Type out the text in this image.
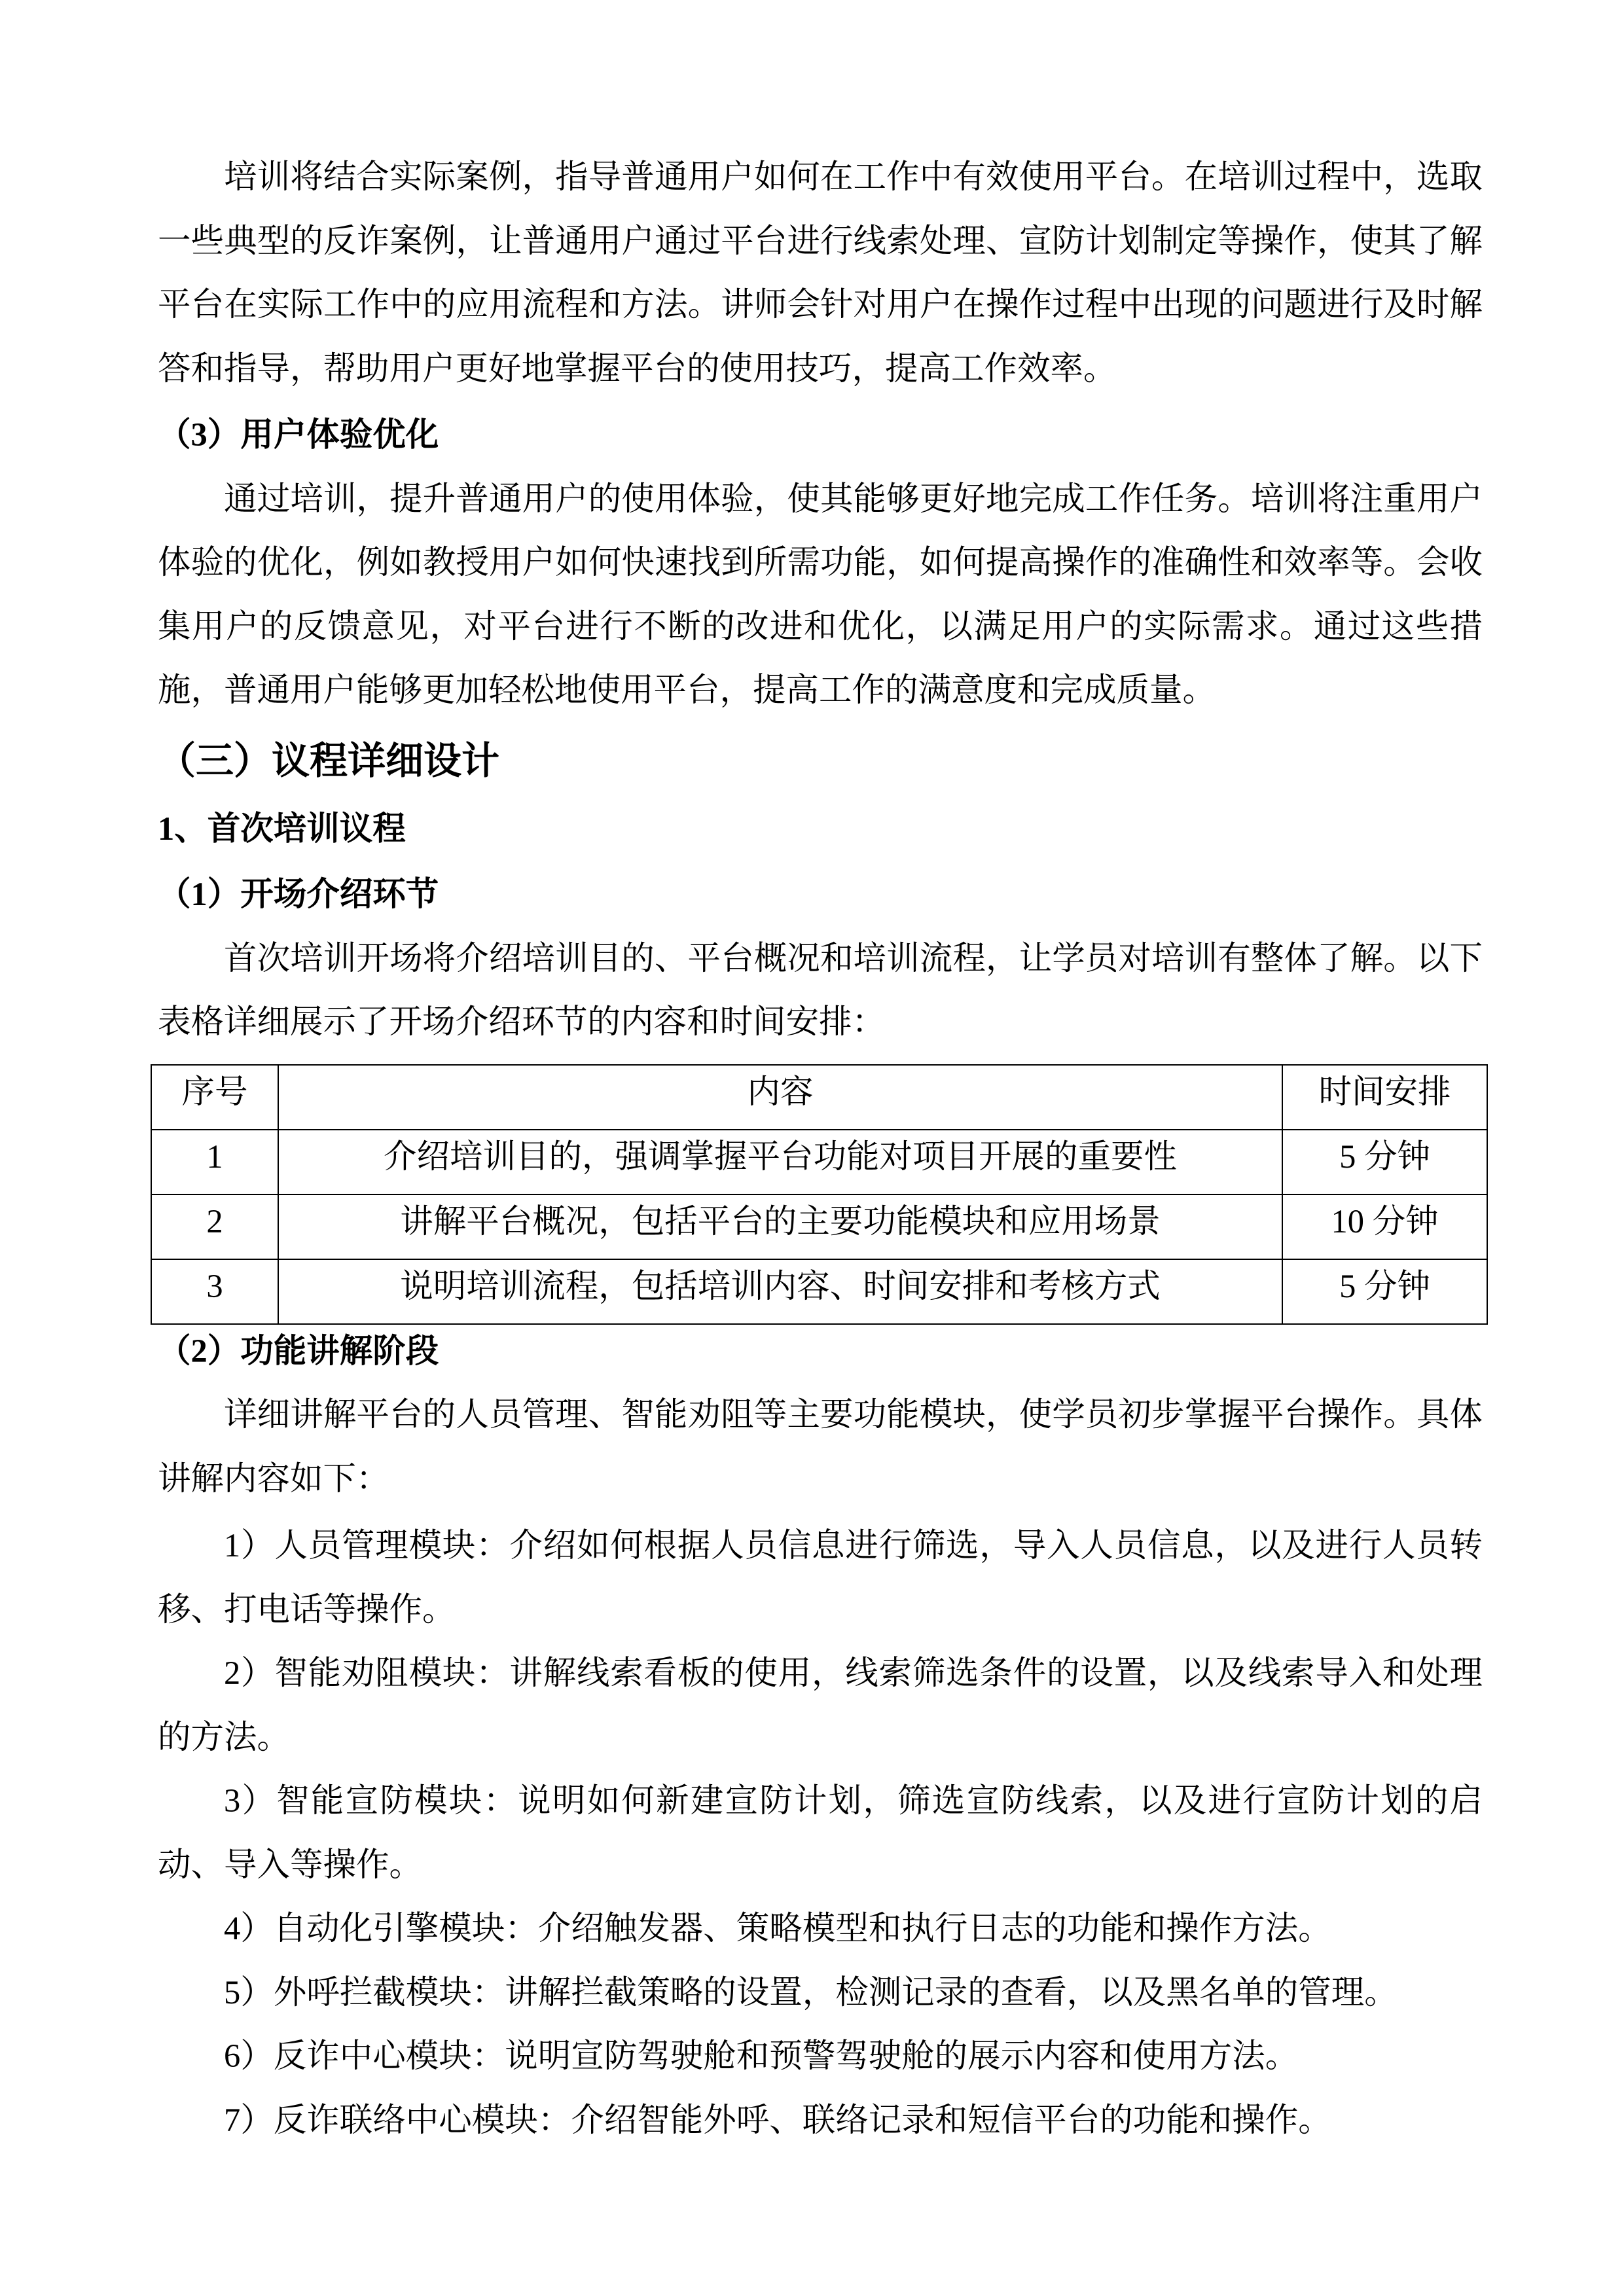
培训将结合实际案例，指导普通用户如何在工作中有效使用平台。在培训过程中，选取一些典型的反诈案例，让普通用户通过平台进行线索处理、宣防计划制定等操作，使其了解平台在实际工作中的应用流程和方法。讲师会针对用户在操作过程中出现的问题进行及时解答和指导，帮助用户更好地掌握平台的使用技巧，提高工作效率。

（3）用户体验优化

通过培训，提升普通用户的使用体验，使其能够更好地完成工作任务。培训将注重用户体验的优化，例如教授用户如何快速找到所需功能，如何提高操作的准确性和效率等。会收集用户的反馈意见，对平台进行不断的改进和优化，以满足用户的实际需求。通过这些措施，普通用户能够更加轻松地使用平台，提高工作的满意度和完成质量。

（三）议程详细设计
1、首次培训议程
（1）开场介绍环节

首次培训开场将介绍培训目的、平台概况和培训流程，让学员对培训有整体了解。以下表格详细展示了开场介绍环节的内容和时间安排：

序号	内容	时间安排
1	介绍培训目的，强调掌握平台功能对项目开展的重要性	5 分钟
2	讲解平台概况，包括平台的主要功能模块和应用场景	10 分钟
3	说明培训流程，包括培训内容、时间安排和考核方式	5 分钟
（2）功能讲解阶段

详细讲解平台的人员管理、智能劝阻等主要功能模块，使学员初步掌握平台操作。具体讲解内容如下：

1）人员管理模块：介绍如何根据人员信息进行筛选，导入人员信息，以及进行人员转移、打电话等操作。

2）智能劝阻模块：讲解线索看板的使用，线索筛选条件的设置，以及线索导入和处理的方法。

3）智能宣防模块：说明如何新建宣防计划，筛选宣防线索，以及进行宣防计划的启动、导入等操作。

4）自动化引擎模块：介绍触发器、策略模型和执行日志的功能和操作方法。

5）外呼拦截模块：讲解拦截策略的设置，检测记录的查看，以及黑名单的管理。

6）反诈中心模块：说明宣防驾驶舱和预警驾驶舱的展示内容和使用方法。

7）反诈联络中心模块：介绍智能外呼、联络记录和短信平台的功能和操作。
